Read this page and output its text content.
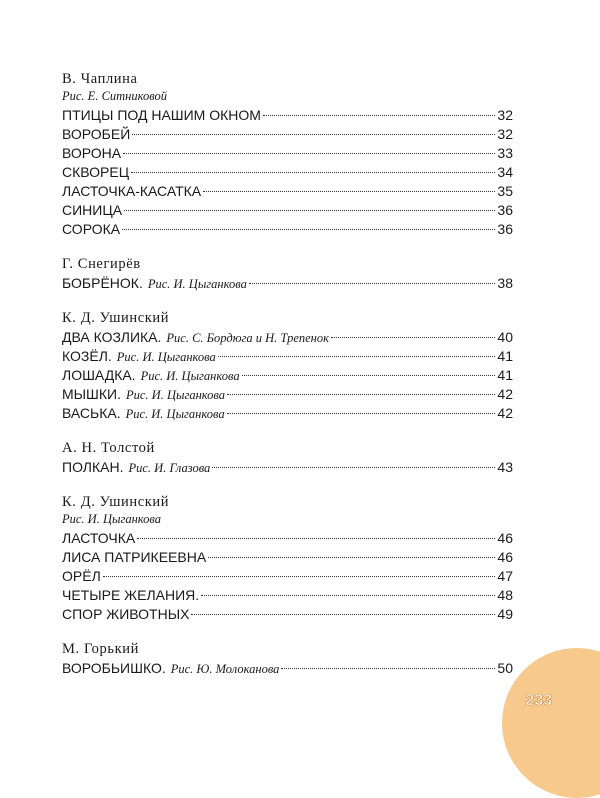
В. Чаплина
Рис. Е. Ситниковой
ПТИЦЫ ПОД НАШИМ ОКНОМ	32
ВОРОБЕЙ	32
ВОРОНА	33
СКВОРЕЦ	34
ЛАСТОЧКА-КАСАТКА	35
СИНИЦА	36
СОРОКА	36
Г. Снегирёв
БОБРЁНОК. Рис. И. Цыганкова	38
К. Д. Ушинский
ДВА КОЗЛИКА. Рис. С. Бордюга и Н. Трепенок	40
КОЗЁЛ. Рис. И. Цыганкова	41
ЛОШАДКА. Рис. И. Цыганкова	41
МЫШКИ. Рис. И. Цыганкова	42
ВАСЬКА. Рис. И. Цыганкова	42
А. Н. Толстой
ПОЛКАН. Рис. И. Глазова	43
К. Д. Ушинский
Рис. И. Цыганкова
ЛАСТОЧКА	46
ЛИСА ПАТРИКЕЕВНА	46
ОРЁЛ	47
ЧЕТЫРЕ ЖЕЛАНИЯ.	48
СПОР ЖИВОТНЫХ	49
М. Горький
ВОРОБЬИШКО. Рис. Ю. Молоканова	50
233
